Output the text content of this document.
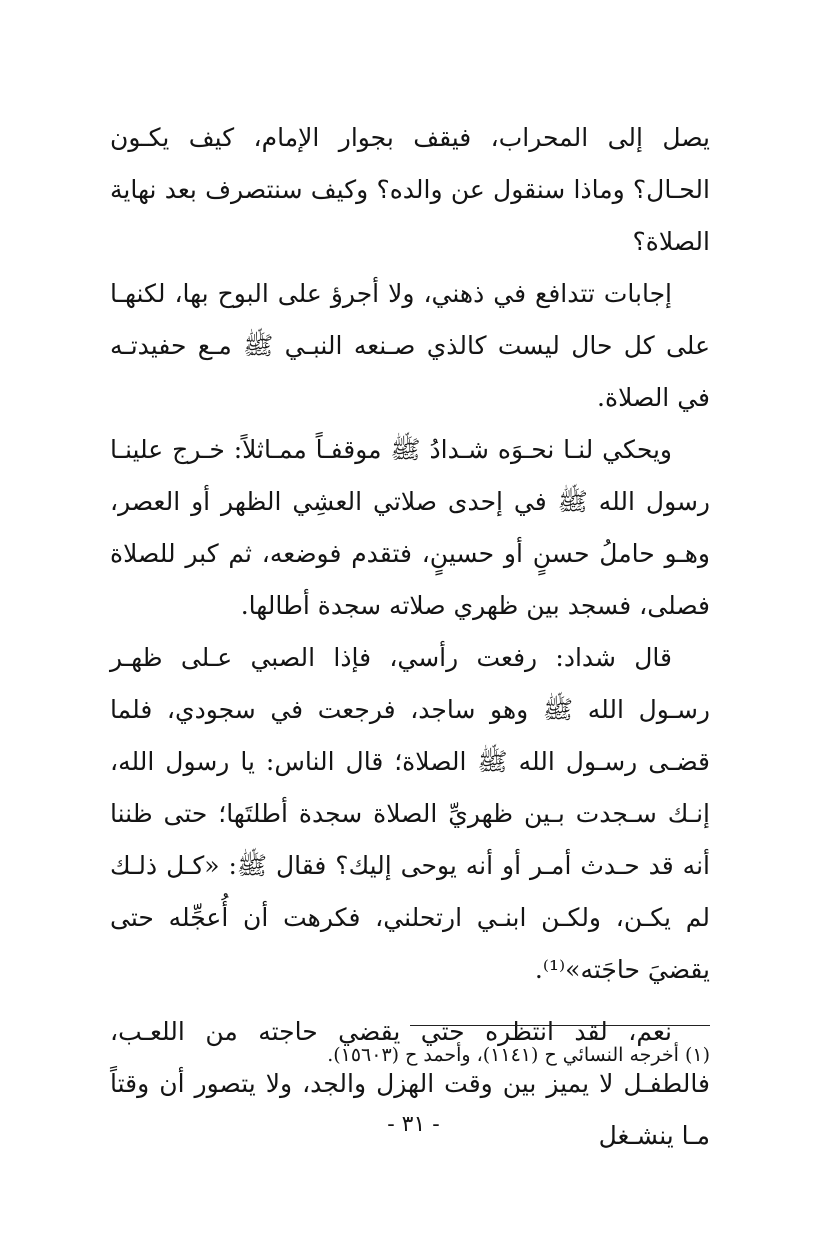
يصل إلى المحراب، فيقف بجوار الإمام، كيف يكـون الحـال؟ وماذا سنقول عن والده؟ وكيف سنتصرف بعد نهاية الصلاة؟

إجابات تتدافع في ذهني، ولا أجرؤ على البوح بها، لكنهـا على كل حال ليست كالذي صـنعه النبـي ﷺ مـع حفيدتـه في الصلاة.

ويحكي لنـا نحـوَه شـدادُ ﷺ موقفـاً ممـاثلاً: خـرج علينـا رسول الله ﷺ في إحدى صلاتي العشِي الظهر أو العصر، وهـو حاملُ حسنٍ أو حسينٍ، فتقدم فوضعه، ثم كبر للصلاة فصلى، فسجد بين ظهري صلاته سجدة أطالها.

قال شداد: رفعت رأسي، فإذا الصبي عـلى ظهـر رسـول الله ﷺ وهو ساجد، فرجعت في سجودي، فلما قضـى رسـول الله ﷺ الصلاة؛ قال الناس: يا رسول الله، إنـك سـجدت بـين ظهريِّ الصلاة سجدة أطلتَها؛ حتى ظننا أنه قد حـدث أمـر أو أنه يوحى إليك؟ فقال ﷺ: «كـل ذلـك لم يكـن، ولكـن ابنـي ارتحلني، فكرهت أن أُعجِّله حتى يقضيَ حاجَته»⁽¹⁾.

نعم، لقد انتظره حتي يقضي حاجته من اللعـب، فالطفـل لا يميز بين وقت الهزل والجد، ولا يتصور أن وقتاً مـا ينشـغل

(١) أخرجه النسائي ح (١١٤١)، وأحمد ح (١٥٦٠٣).
- ٣١ -
